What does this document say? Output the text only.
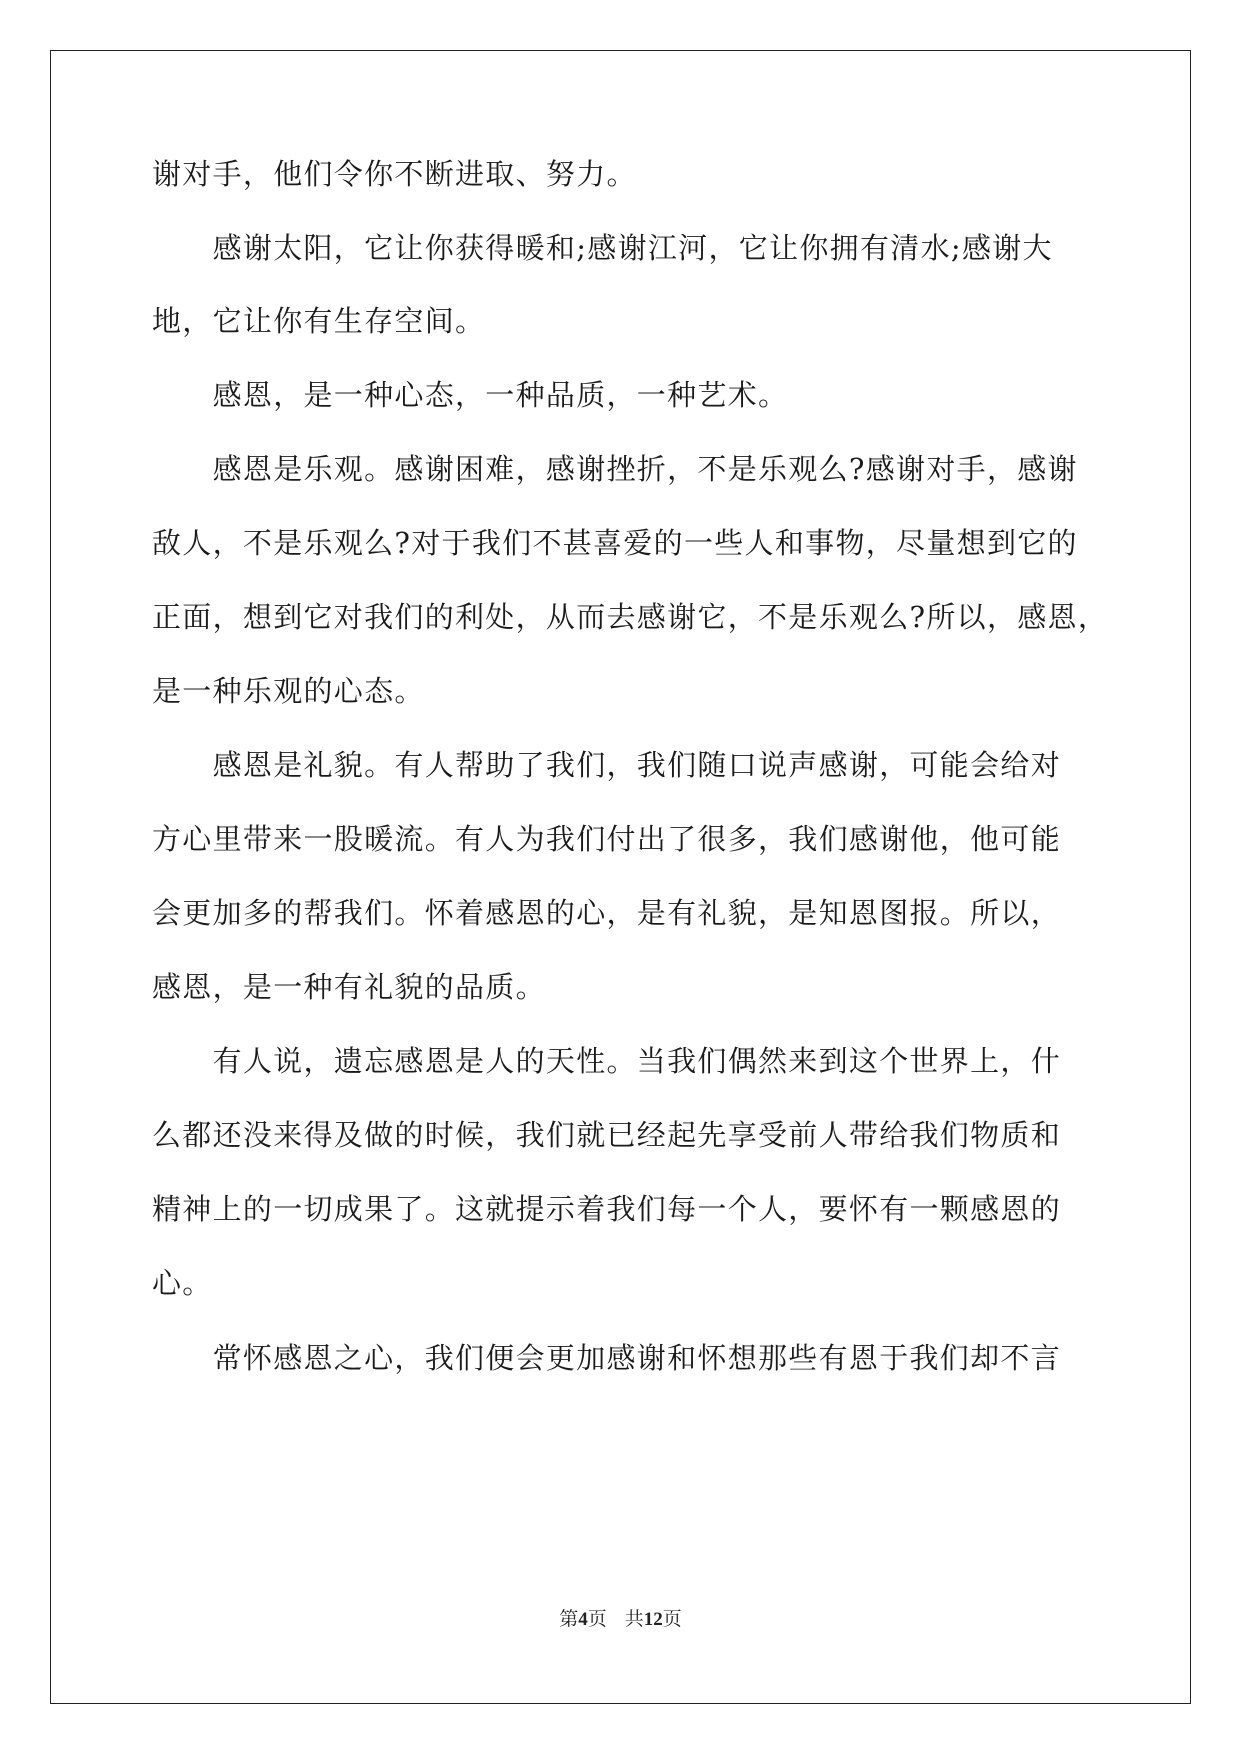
谢对手，他们令你不断进取、努力。
　　感谢太阳，它让你获得暖和;感谢江河，它让你拥有清水;感谢大
地，它让你有生存空间。
　　感恩，是一种心态，一种品质，一种艺术。
　　感恩是乐观。感谢困难，感谢挫折，不是乐观么?感谢对手，感谢
敌人，不是乐观么?对于我们不甚喜爱的一些人和事物，尽量想到它的
正面，想到它对我们的利处，从而去感谢它，不是乐观么?所以，感恩，
是一种乐观的心态。
　　感恩是礼貌。有人帮助了我们，我们随口说声感谢，可能会给对
方心里带来一股暖流。有人为我们付出了很多，我们感谢他，他可能
会更加多的帮我们。怀着感恩的心，是有礼貌，是知恩图报。所以，
感恩，是一种有礼貌的品质。
　　有人说，遗忘感恩是人的天性。当我们偶然来到这个世界上，什
么都还没来得及做的时候，我们就已经起先享受前人带给我们物质和
精神上的一切成果了。这就提示着我们每一个人，要怀有一颗感恩的
心。
　　常怀感恩之心，我们便会更加感谢和怀想那些有恩于我们却不言
第4页 共12页
